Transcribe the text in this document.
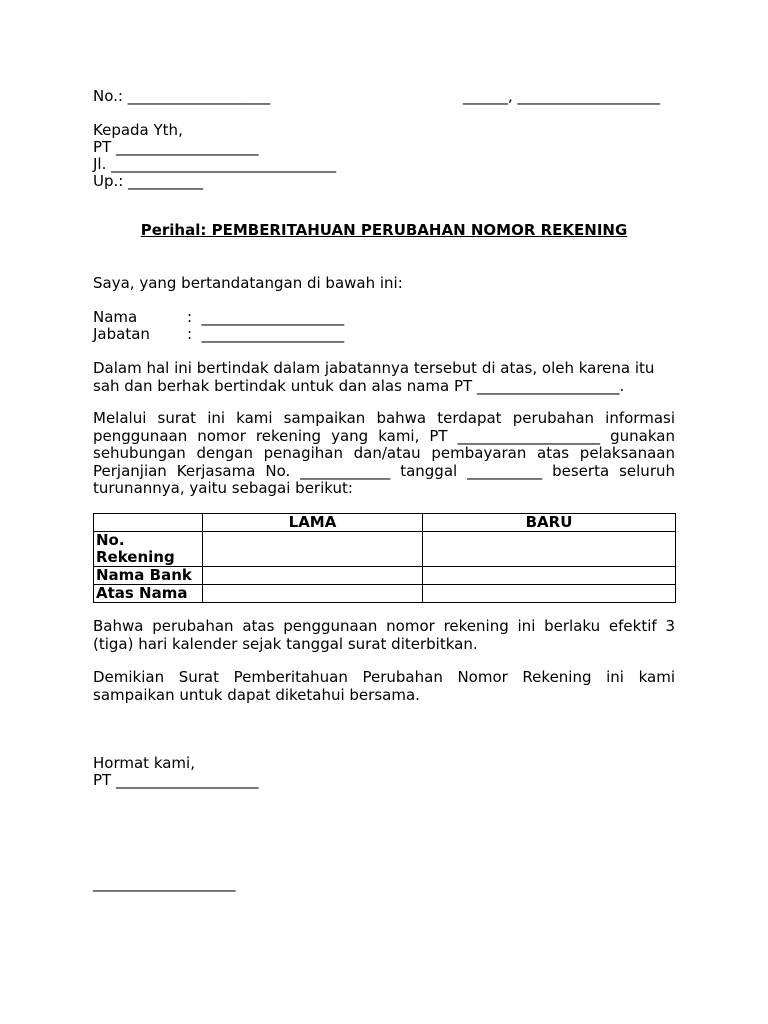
No.: ___________________	______, ___________________
Kepada Yth,
PT ___________________
Jl. ______________________________
Up.: __________
Perihal: PEMBERITAHUAN PERUBAHAN NOMOR REKENING
Saya, yang bertandatangan di bawah ini:
Nama	:  ___________________
Jabatan :  ___________________
Dalam hal ini bertindak dalam jabatannya tersebut di atas, oleh karena itu
sah dan berhak bertindak untuk dan alas nama PT ___________________.
Melalui surat ini kami sampaikan bahwa terdapat perubahan informasi
penggunaan nomor rekening yang kami, PT ___________________ gunakan
sehubungan dengan penagihan dan/atau pembayaran atas pelaksanaan
Perjanjian Kerjasama No. ____________ tanggal __________ beserta seluruh
turunannya, yaitu sebagai berikut:
	LAMA	BARU
No. Rekening		
Nama Bank		
Atas Nama		
Bahwa perubahan atas penggunaan nomor rekening ini berlaku efektif 3
(tiga) hari kalender sejak tanggal surat diterbitkan.
Demikian Surat Pemberitahuan Perubahan Nomor Rekening ini kami
sampaikan untuk dapat diketahui bersama.
Hormat kami,
PT ___________________
___________________
